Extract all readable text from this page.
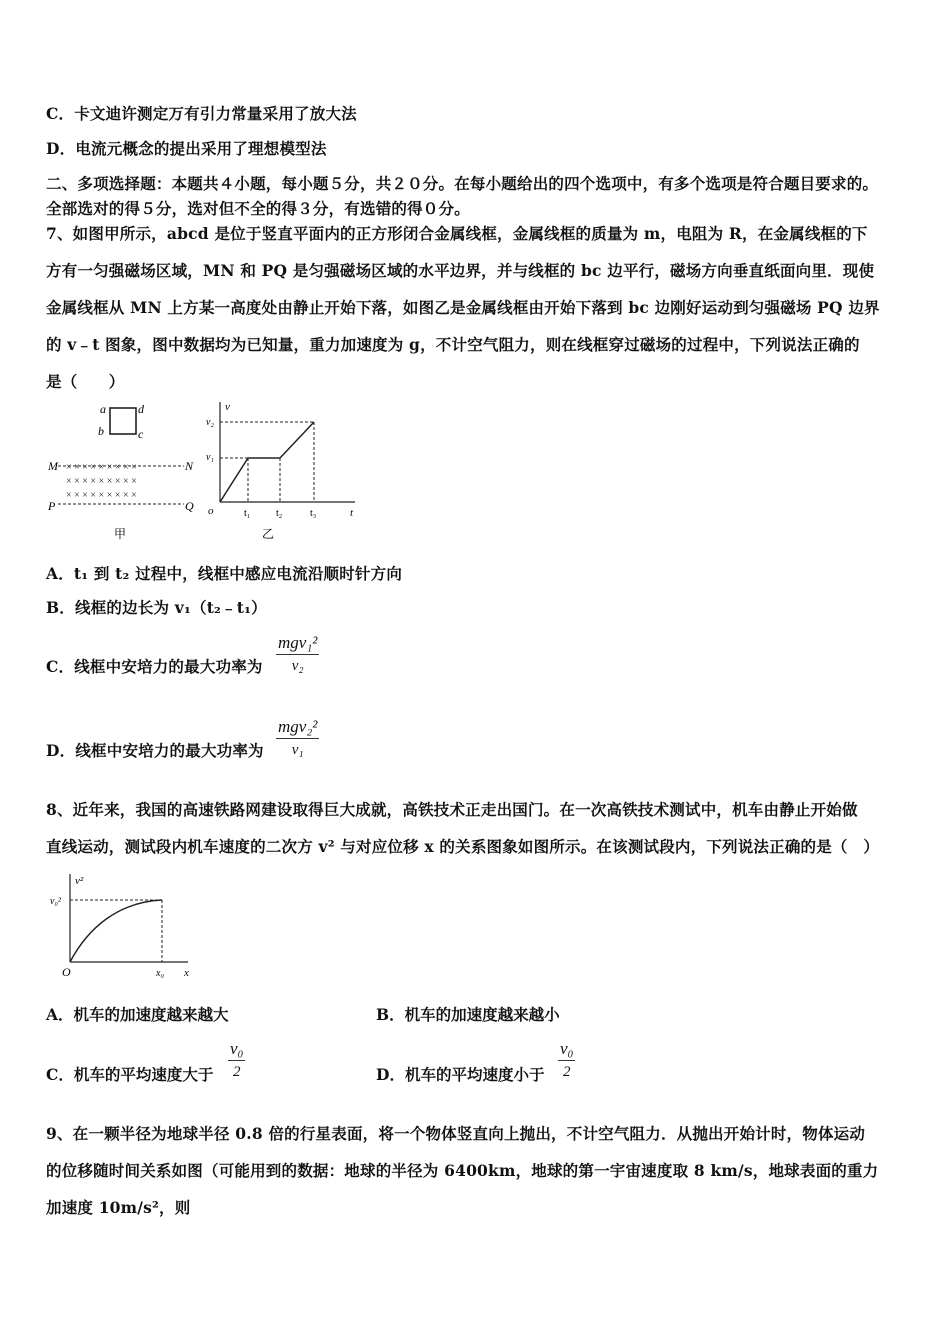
C．卡文迪许测定万有引力常量采用了放大法
D．电流元概念的提出采用了理想模型法
二、多项选择题：本题共４小题，每小题５分，共２０分。在每小题给出的四个选项中，有多个选项是符合题目要求的。
全部选对的得５分，选对但不全的得３分，有选错的得０分。
7、如图甲所示，abcd 是位于竖直平面内的正方形闭合金属线框，金属线框的质量为 m，电阻为 R，在金属线框的下
方有一匀强磁场区域，MN 和 PQ 是匀强磁场区域的水平边界，并与线框的 bc 边平行，磁场方向垂直纸面向里．现使
金属线框从 MN 上方某一高度处由静止开始下落，如图乙是金属线框由开始下落到 bc 边刚好运动到匀强磁场 PQ 边界
的 v﹣t 图象，图中数据均为已知量，重力加速度为 g，不计空气阻力，则在线框穿过磁场的过程中，下列说法正确的
是（　　）
a	d
b	c
M	N
× × × × × × × × ×
× × × × × × × × ×
× × × × × × × × ×
P	Q
甲
v
t
v₂
v₁
o	t₁	t₂	t₃
乙
A．t₁ 到 t₂ 过程中，线框中感应电流沿顺时针方向
B．线框的边长为 v₁（t₂﹣t₁）
C．线框中安培力的最大功率为
mgv₁²
v₂
D．线框中安培力的最大功率为
mgv₂²
v₁
8、近年来，我国的高速铁路网建设取得巨大成就，高铁技术正走出国门。在一次高铁技术测试中，机车由静止开始做
直线运动，测试段内机车速度的二次方 v² 与对应位移 x 的关系图象如图所示。在该测试段内，下列说法正确的是（　）
v²
v₀²
O	x₀ x
A．机车的加速度越来越大	B．机车的加速度越来越小
C．机车的平均速度大于 $\frac{\text{v₀}}{2}$	D．机车的平均速度小于 $\frac{\text{v₀}}{2}$
9、在一颗半径为地球半径 0.8 倍的行星表面，将一个物体竖直向上抛出，不计空气阻力．从抛出开始计时，物体运动
的位移随时间关系如图（可能用到的数据：地球的半径为 6400km，地球的第一宇宙速度取 8 km/s，地球表面的重力
加速度 10m/s²，则
